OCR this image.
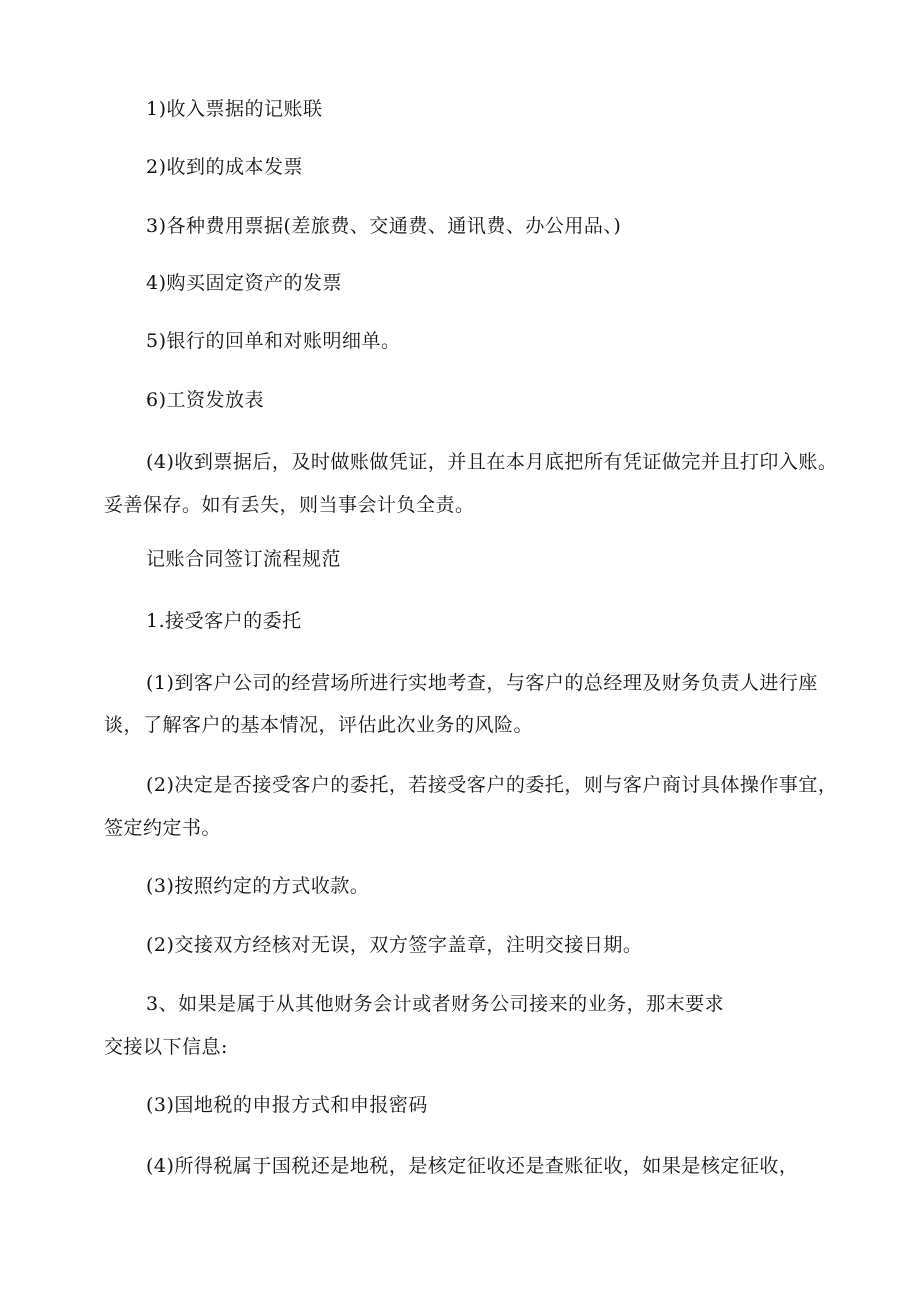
1)收入票据的记账联
2)收到的成本发票
3)各种费用票据(差旅费、交通费、通讯费、办公用品、)
4)购买固定资产的发票
5)银行的回单和对账明细单。
6)工资发放表
(4)收到票据后，及时做账做凭证，并且在本月底把所有凭证做完并且打印入账。
妥善保存。如有丢失，则当事会计负全责。
记账合同签订流程规范
1.接受客户的委托
(1)到客户公司的经营场所进行实地考查，与客户的总经理及财务负责人进行座
谈，了解客户的基本情况，评估此次业务的风险。
(2)决定是否接受客户的委托，若接受客户的委托，则与客户商讨具体操作事宜，
签定约定书。
(3)按照约定的方式收款。
(2)交接双方经核对无误，双方签字盖章，注明交接日期。
3、如果是属于从其他财务会计或者财务公司接来的业务，那末要求
交接以下信息:
(3)国地税的申报方式和申报密码
(4)所得税属于国税还是地税，是核定征收还是查账征收，如果是核定征收，
